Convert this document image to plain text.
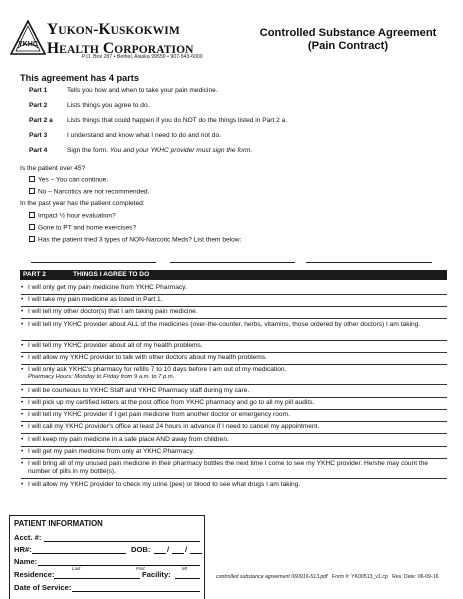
YKHC
YUKON-KUSKOKWIM
HEALTH CORPORATION
P.O. Box 287 • Bethel, Alaska 99559 • 907-543-6000
Controlled Substance Agreement
(Pain Contract)
This agreement has 4 parts
Part 1	Tells you how and when to take your pain medicine.
Part 2	Lists things you agree to do.
Part 2 a Lists things that could happen if you do NOT do the things listed in Part 2 a.
Part 3	I understand and know what I need to do and not do.
Part 4	Sign the form. You and your YKHC provider must sign the form.
Is the patient over 45?
Yes – You can continue.
No – Narcotics are not recommended.
In the past year has the patient completed:
Impact ½ hour evaluation?
Gone to PT and home exercises?
Has the patient tried 3 types of NON-Narcotic Meds? List them below:
PART 2	THINGS I AGREE TO DO
• I will only get my pain medicine from YKHC Pharmacy.
• I will take my pain medicine as listed in Part 1.
• I will tell my other doctor(s) that I am taking pain medicine.
• I will tell my YKHC provider about ALL of the medicines (over-the-counter, herbs, vitamins, those ordered by other doctors) I am taking.
• I will tell my YKHC provider about all of my health problems.
• I will allow my YKHC provider to talk with other doctors about my health problems.
• I will only ask YKHC's pharmacy for refills 7 to 10 days before I am out of my medication.
Pharmacy Hours: Monday to Friday from 9 a.m. to 7 p.m.
• I will be courteous to YKHC Staff and YKHC Pharmacy staff during my care.
• I will pick up my certified letters at the post office from YKHC pharmacy and go to all my pill audits.
• I will tell my YKHC provider if I get pain medicine from another doctor or emergency room.
• I will call my YKHC provider's office at least 24 hours in advance if I need to cancel my appointment.
• I will keep my pain medicine in a safe place AND away from children.
• I will get my pain medicine from only at YKHC Pharmacy.
• I will bring all of my unused pain medicine in their pharmacy bottles the next time I come to see my YKHC provider. He/she may count the number of pills in my bottle(s).
• I will allow my YKHC provider to check my urine (pee) or blood to see what drugs I am taking.
PATIENT INFORMATION
Acct. #:
HR#:	DOB: / /
Name:
Last	First	MI
Residence:	Facility:
Date of Service:
controlled substance agreement 060916-513.pdf Form #: YK00513_v1.cp Rev. Date: 06-09-16
